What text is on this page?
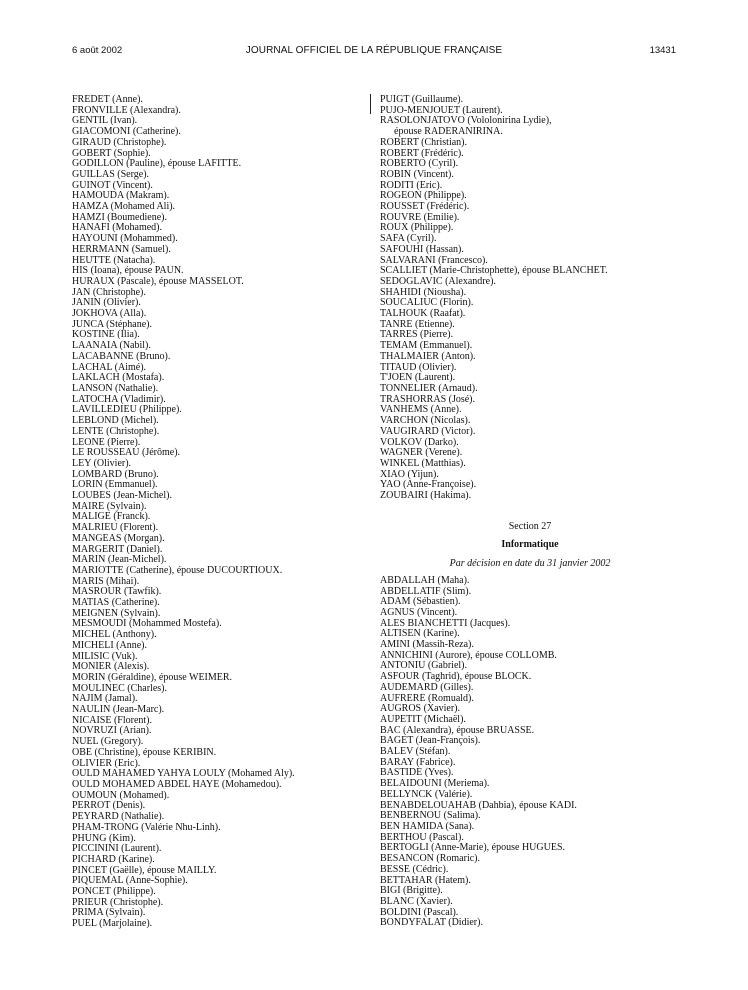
6 août 2002	JOURNAL OFFICIEL DE LA RÉPUBLIQUE FRANÇAISE	13431
FREDET (Anne).
FRONVILLE (Alexandra).
GENTIL (Ivan).
GIACOMONI (Catherine).
GIRAUD (Christophe).
GOBERT (Sophie).
GODILLON (Pauline), épouse LAFITTE.
GUILLAS (Serge).
GUINOT (Vincent).
HAMOUDA (Makram).
HAMZA (Mohamed Ali).
HAMZI (Boumediene).
HANAFI (Mohamed).
HAYOUNI (Mohammed).
HERRMANN (Samuel).
HEUTTE (Natacha).
HIS (Ioana), épouse PAUN.
HURAUX (Pascale), épouse MASSELOT.
JAN (Christophe).
JANIN (Olivier).
JOKHOVA (Alla).
JUNCA (Stéphane).
KOSTINE (Ilia).
LAANAIA (Nabil).
LACABANNE (Bruno).
LACHAL (Aimé).
LAKLACH (Mostafa).
LANSON (Nathalie).
LATOCHA (Vladimir).
LAVILLEDIEU (Philippe).
LEBLOND (Michel).
LENTE (Christophe).
LEONE (Pierre).
LE ROUSSEAU (Jérôme).
LEY (Olivier).
LOMBARD (Bruno).
LORIN (Emmanuel).
LOUBES (Jean-Michel).
MAIRE (Sylvain).
MALIGE (Franck).
MALRIEU (Florent).
MANGEAS (Morgan).
MARGERIT (Daniel).
MARIN (Jean-Michel).
MARIOTTE (Catherine), épouse DUCOURTIOUX.
MARIS (Mihai).
MASROUR (Tawfik).
MATIAS (Catherine).
MEIGNEN (Sylvain).
MESMOUDI (Mohammed Mostefa).
MICHEL (Anthony).
MICHELI (Anne).
MILISIC (Vuk).
MONIER (Alexis).
MORIN (Géraldine), épouse WEIMER.
MOULINEC (Charles).
NAJIM (Jamal).
NAULIN (Jean-Marc).
NICAISE (Florent).
NOVRUZI (Arian).
NUEL (Gregory).
OBE (Christine), épouse KERIBIN.
OLIVIER (Eric).
OULD MAHAMED YAHYA LOULY (Mohamed Aly).
OULD MOHAMED ABDEL HAYE (Mohamedou).
OUMOUN (Mohamed).
PERROT (Denis).
PEYRARD (Nathalie).
PHAM-TRONG (Valérie Nhu-Linh).
PHUNG (Kim).
PICCININI (Laurent).
PICHARD (Karine).
PINCET (Gaëlle), épouse MAILLY.
PIQUEMAL (Anne-Sophie).
PONCET (Philippe).
PRIEUR (Christophe).
PRIMA (Sylvain).
PUEL (Marjolaine).
PUIGT (Guillaume).
PUJO-MENJOUET (Laurent).
RASOLONJATOVO (Vololonirina Lydie),
épouse RADERANIRINA.
ROBERT (Christian).
ROBERT (Frédéric).
ROBERTO (Cyril).
ROBIN (Vincent).
RODITI (Eric).
ROGEON (Philippe).
ROUSSET (Frédéric).
ROUVRE (Emilie).
ROUX (Philippe).
SAFA (Cyril).
SAFOUHI (Hassan).
SALVARANI (Francesco).
SCALLIET (Marie-Christophette), épouse BLANCHET.
SEDOGLAVIC (Alexandre).
SHAHIDI (Niousha).
SOUCALIUC (Florin).
TALHOUK (Raafat).
TANRE (Etienne).
TARRES (Pierre).
TEMAM (Emmanuel).
THALMAIER (Anton).
TITAUD (Olivier).
T'JOEN (Laurent).
TONNELIER (Arnaud).
TRASHORRAS (José).
VANHEMS (Anne).
VARCHON (Nicolas).
VAUGIRARD (Victor).
VOLKOV (Darko).
WAGNER (Verene).
WINKEL (Matthias).
XIAO (Yijun).
YAO (Anne-Françoise).
ZOUBAIRI (Hakima).
Section 27
Informatique
Par décision en date du 31 janvier 2002
ABDALLAH (Maha).
ABDELLATIF (Slim).
ADAM (Sébastien).
AGNUS (Vincent).
ALES BIANCHETTI (Jacques).
ALTISEN (Karine).
AMINI (Massih-Reza).
ANNICHINI (Aurore), épouse COLLOMB.
ANTONIU (Gabriel).
ASFOUR (Taghrid), épouse BLOCK.
AUDEMARD (Gilles).
AUFRERE (Romuald).
AUGROS (Xavier).
AUPETIT (Michaël).
BAC (Alexandra), épouse BRUASSE.
BAGET (Jean-François).
BALEV (Stéfan).
BARAY (Fabrice).
BASTIDE (Yves).
BELAIDOUNI (Meriema).
BELLYNCK (Valérie).
BENABDELOUAHAB (Dahbia), épouse KADI.
BENBERNOU (Salima).
BEN HAMIDA (Sana).
BERTHOU (Pascal).
BERTOGLI (Anne-Marie), épouse HUGUES.
BESANCON (Romaric).
BESSE (Cédric).
BETTAHAR (Hatem).
BIGI (Brigitte).
BLANC (Xavier).
BOLDINI (Pascal).
BONDYFALAT (Didier).
